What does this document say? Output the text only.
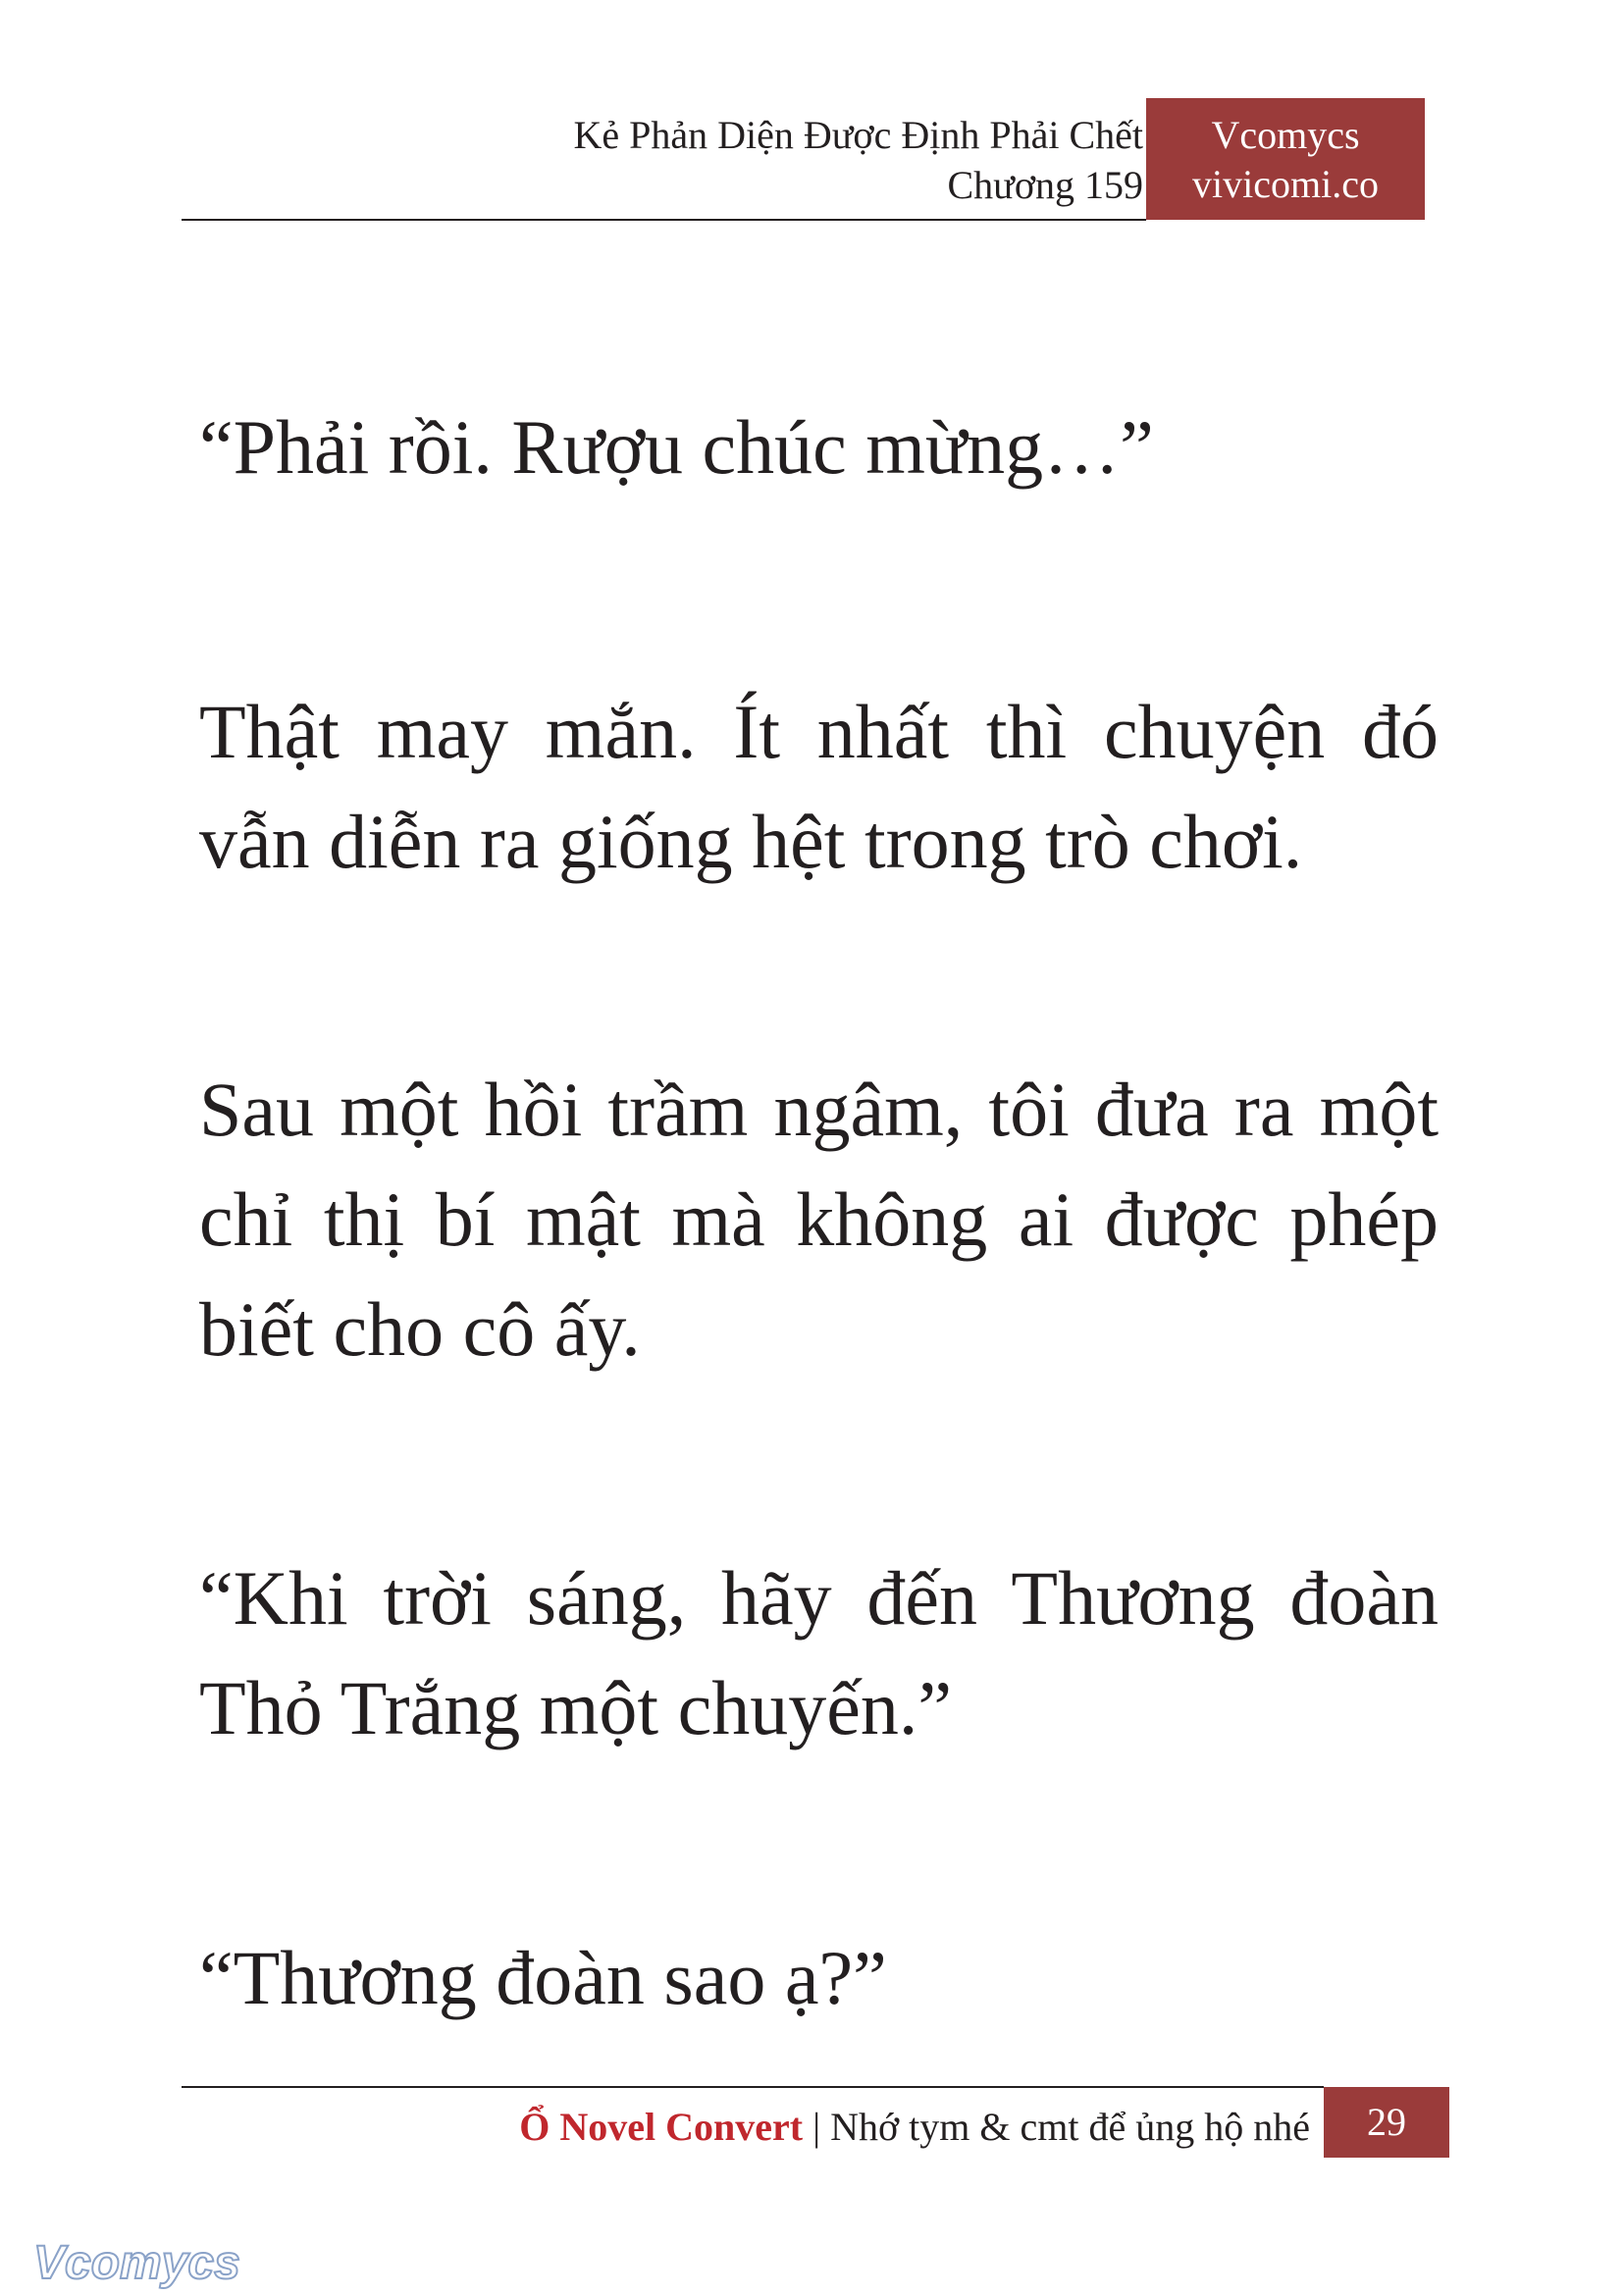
Kẻ Phản Diện Được Định Phải Chết
Chương 159
Vcomycs
vivicomi.co

“Phải rồi. Rượu chúc mừng…”

Thật may mắn. Ít nhất thì chuyện đó vẫn diễn ra giống hệt trong trò chơi.

Sau một hồi trầm ngâm, tôi đưa ra một chỉ thị bí mật mà không ai được phép biết cho cô ấy.

“Khi trời sáng, hãy đến Thương đoàn Thỏ Trắng một chuyến.”

“Thương đoàn sao ạ?”

Ổ Novel Convert | Nhớ tym & cmt để ủng hộ nhé	29
Vcomycs
